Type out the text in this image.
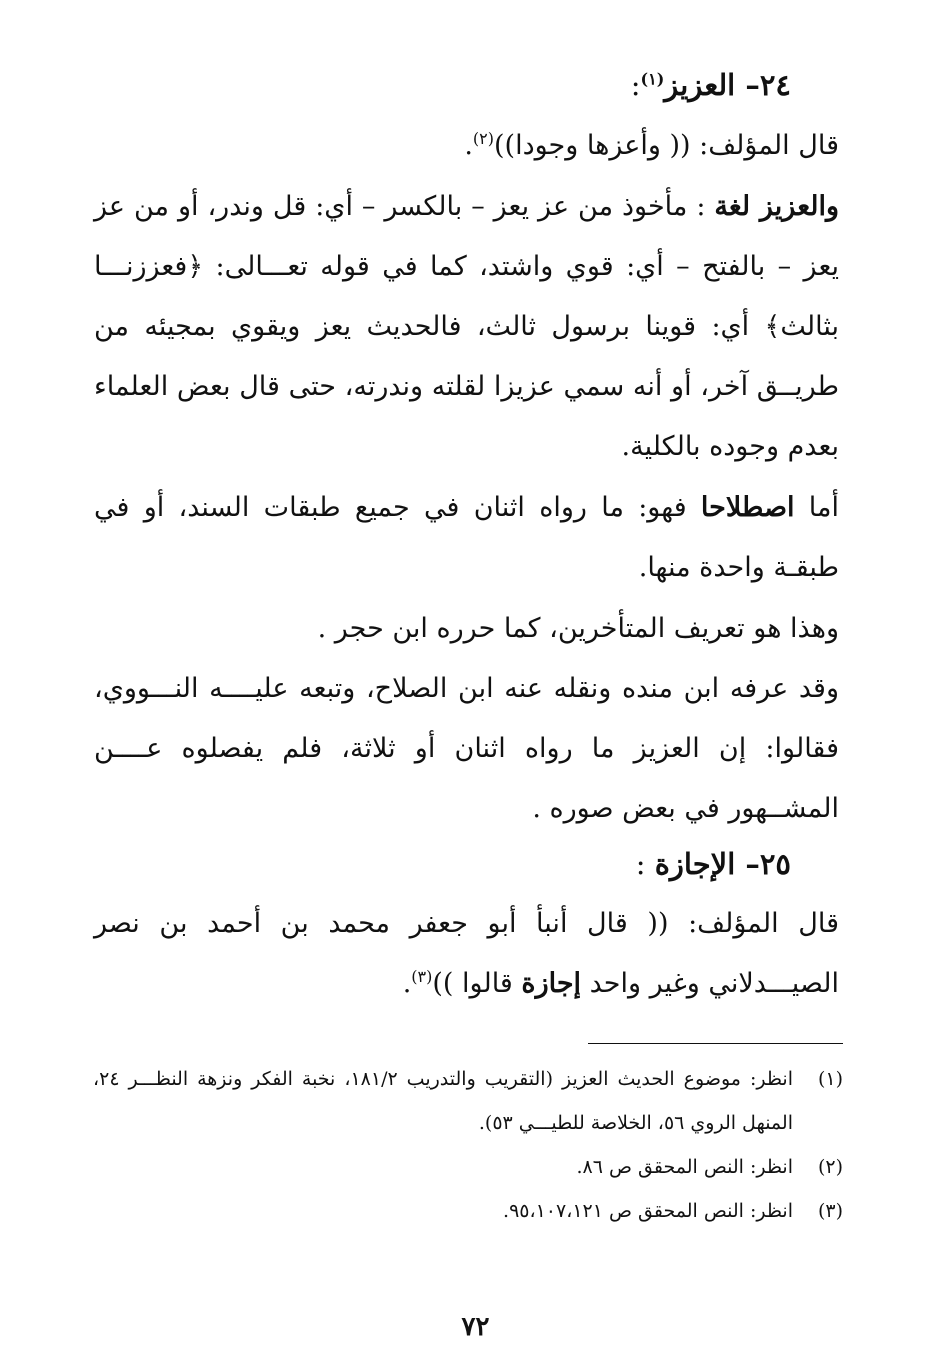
٢٤– العزيز$^{(١)}$:
قال المؤلف: (( وأعزها وجودا))$^{(٢)}$.
والعزيز لغة : مأخوذ من عز يعز – بالكسر – أي: قل وندر، أو من عز يعز – بالفتح – أي: قوي واشتد، كما في قوله تعـــالى: ﴿فعززنـــا بثالث﴾ أي: قوينا برسول ثالث، فالحديث يعز ويقوي بمجيئه من طريــق آخر، أو أنه سمي عزيزا لقلته وندرته، حتى قال بعض العلماء بعدم وجوده بالكلية.
أما اصطلاحا فهو: ما رواه اثنان في جميع طبقات السند، أو في طبقـة واحدة منها.
وهذا هو تعريف المتأخرين، كما حرره ابن حجر .
وقد عرفه ابن منده ونقله عنه ابن الصلاح، وتبعه عليــــه النـــووي، فقالوا: إن العزيز ما رواه اثنان أو ثلاثة، فلم يفصلوه عــــن المشــهور في بعض صوره .
٢٥– الإجازة :
قال المؤلف: (( قال أنبأ أبو جعفر محمد بن أحمد بن نصر الصيـــدلاني وغير واحد إجازة قالوا ))$^{(٣)}$.
(١)
انظر: موضوع الحديث العزيز (التقريب والتدريب ١٨١/٢، نخبة الفكر ونزهة النظـــر ٢٤، المنهل الروي ٥٦، الخلاصة للطيـــي ٥٣).
(٢)
انظر: النص المحقق ص ٨٦.
(٣)
انظر: النص المحقق ص ٩٥،١٠٧،١٢١.
٧٢
